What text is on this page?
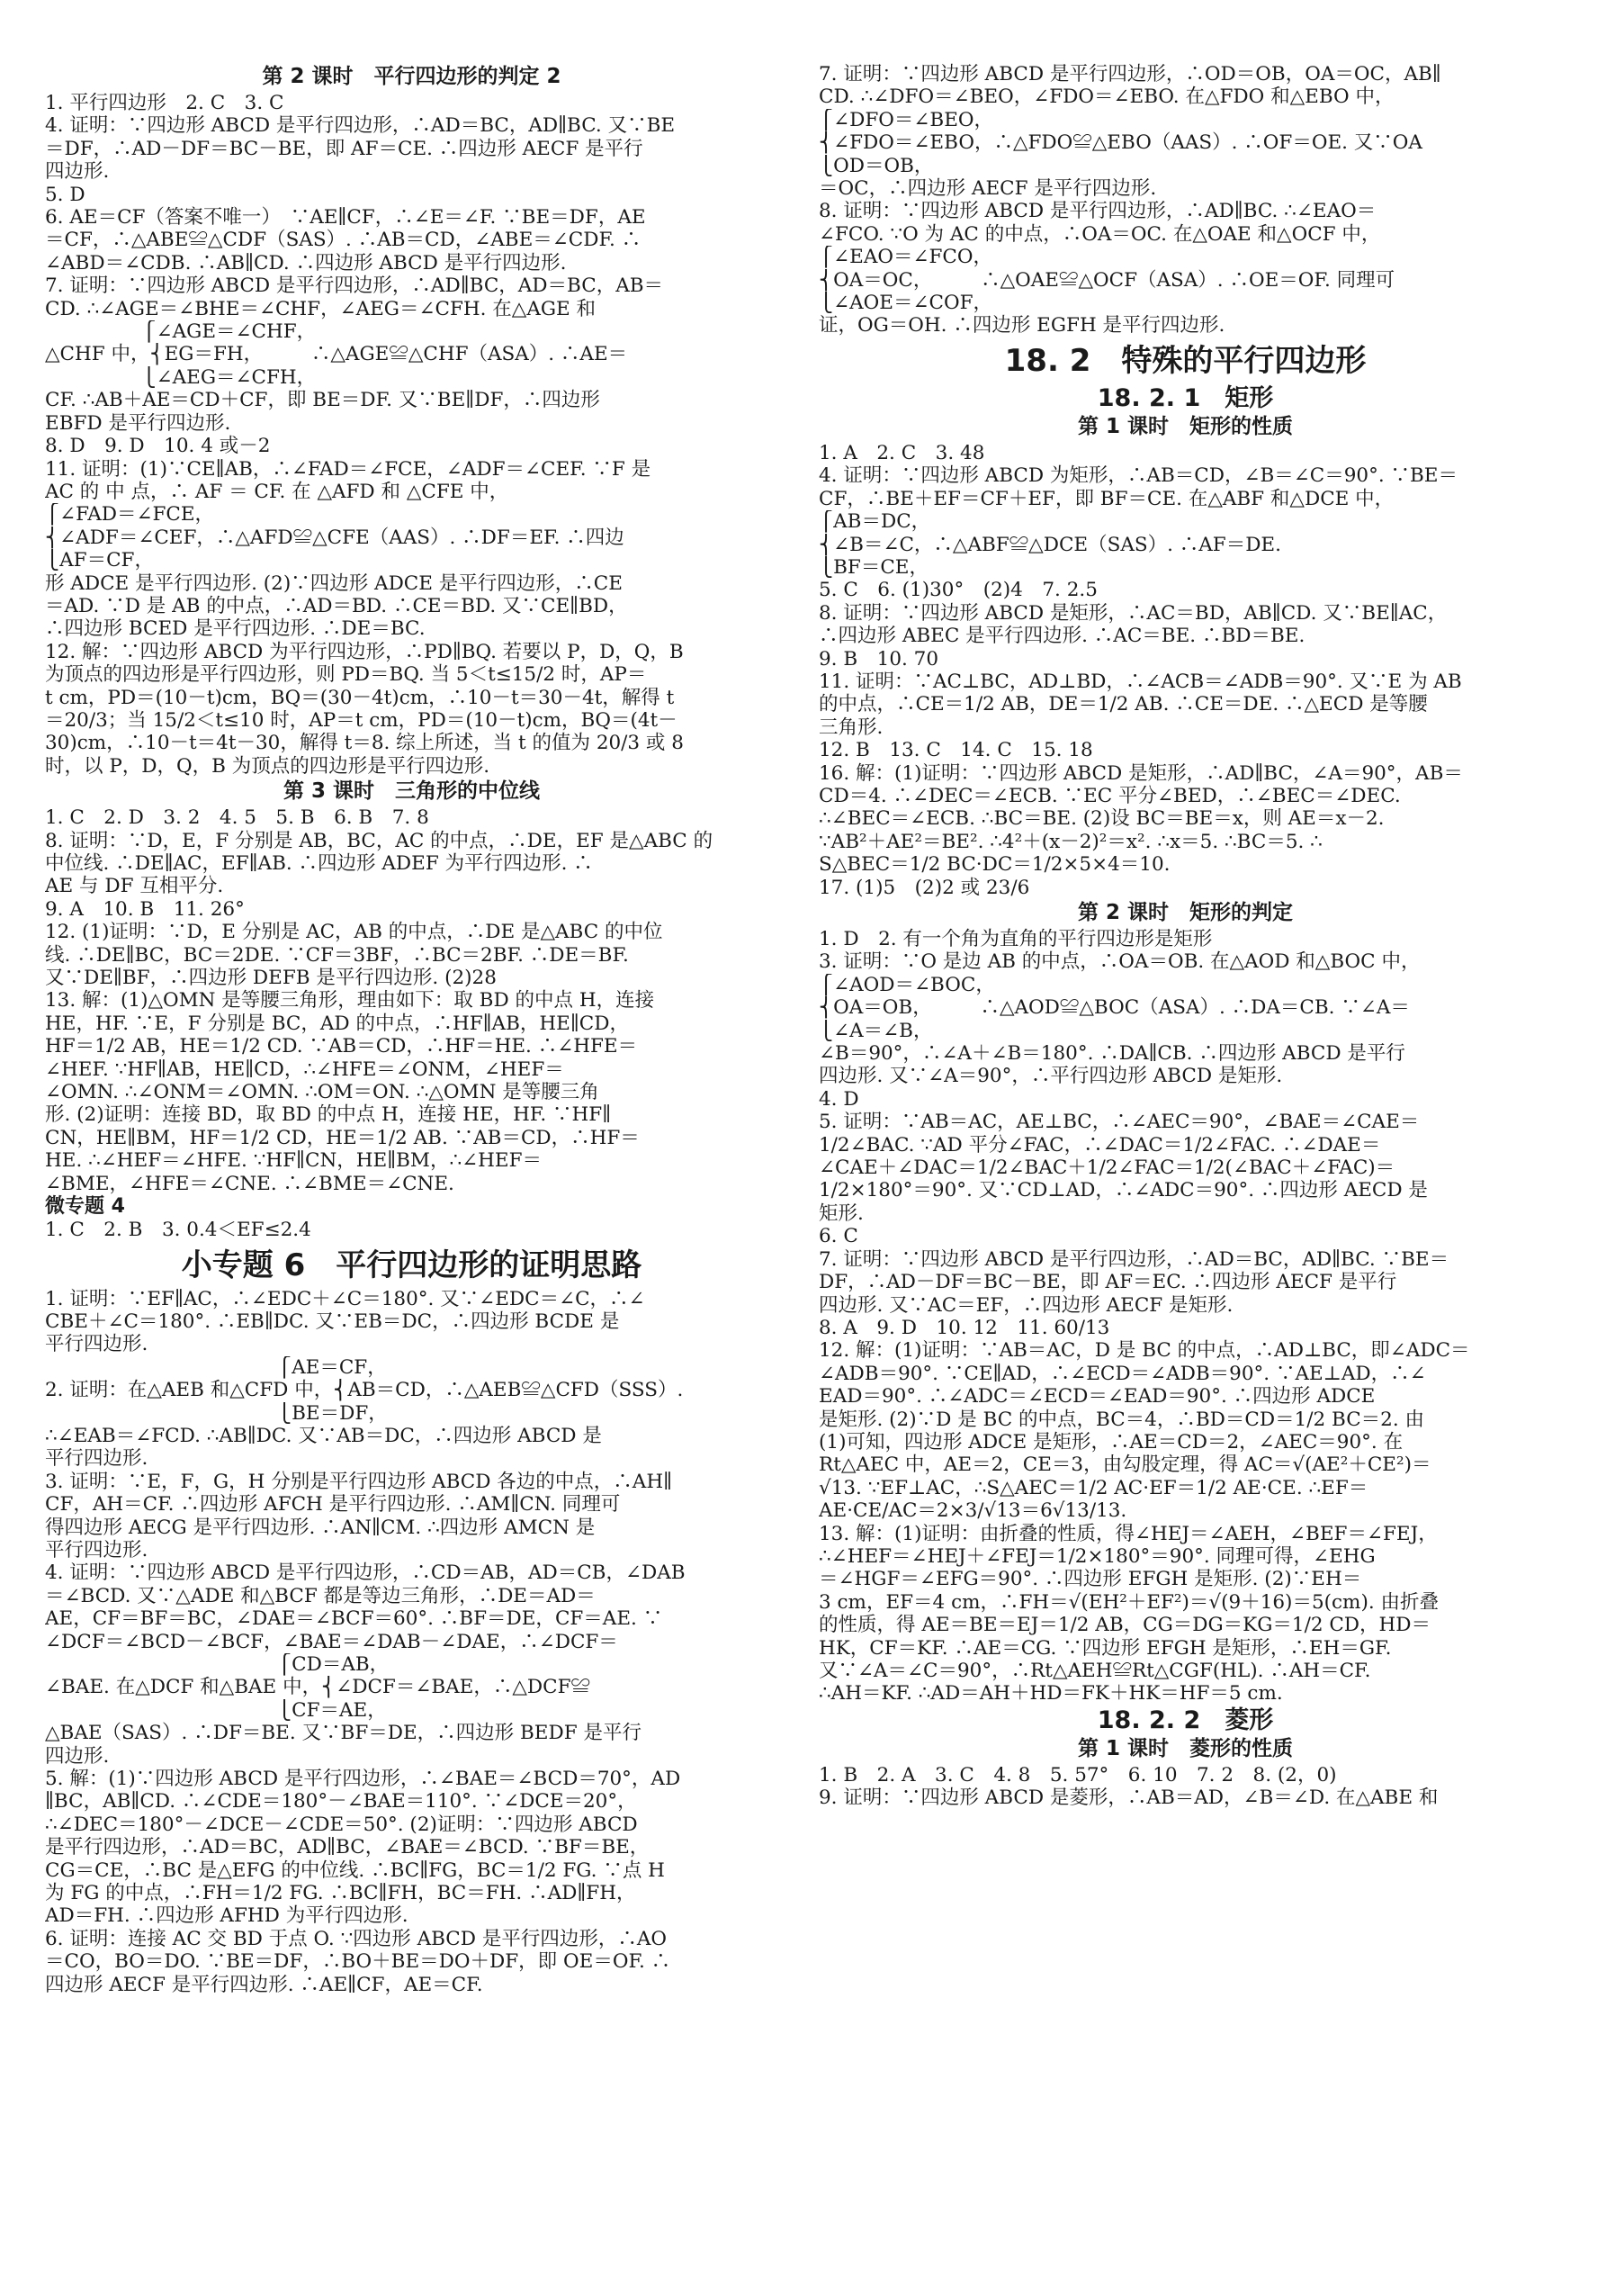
第 2 课时　平行四边形的判定 2
1. 平行四边形　2. C　3. C
4. 证明：∵四边形 ABCD 是平行四边形，∴AD＝BC，AD∥BC. 又∵BE
＝DF，∴AD－DF＝BC－BE，即 AF＝CE. ∴四边形 AECF 是平行
四边形.
5. D
6. AE＝CF（答案不唯一）　∵AE∥CF，∴∠E＝∠F. ∵BE＝DF，AE
＝CF，∴△ABE≌△CDF（SAS）. ∴AB＝CD，∠ABE＝∠CDF. ∴
∠ABD＝∠CDB. ∴AB∥CD. ∴四边形 ABCD 是平行四边形.
7. 证明：∵四边形 ABCD 是平行四边形，∴AD∥BC，AD＝BC，AB＝
CD. ∴∠AGE＝∠BHE＝∠CHF，∠AEG＝∠CFH. 在△AGE 和
　　　　　⎧∠AGE＝∠CHF，
△CHF 中，⎨EG＝FH，　　　∴△AGE≌△CHF（ASA）. ∴AE＝
　　　　　⎩∠AEG＝∠CFH，
CF. ∴AB＋AE＝CD＋CF，即 BE＝DF. 又∵BE∥DF，∴四边形
EBFD 是平行四边形.
8. D　9. D　10. 4 或－2
11. 证明：(1)∵CE∥AB，∴∠FAD＝∠FCE，∠ADF＝∠CEF. ∵F 是
AC 的 中 点，∴ AF ＝ CF. 在 △AFD 和 △CFE 中，
⎧∠FAD＝∠FCE，
⎨∠ADF＝∠CEF，∴△AFD≌△CFE（AAS）. ∴DF＝EF. ∴四边
⎩AF＝CF，
形 ADCE 是平行四边形. (2)∵四边形 ADCE 是平行四边形，∴CE
＝AD. ∵D 是 AB 的中点，∴AD＝BD. ∴CE＝BD. 又∵CE∥BD，
∴四边形 BCED 是平行四边形. ∴DE＝BC.
12. 解：∵四边形 ABCD 为平行四边形，∴PD∥BQ. 若要以 P，D，Q，B
为顶点的四边形是平行四边形，则 PD＝BQ. 当 5＜t≤15/2 时，AP＝
t cm，PD＝(10－t)cm，BQ＝(30－4t)cm，∴10－t＝30－4t，解得 t
＝20/3；当 15/2＜t≤10 时，AP＝t cm，PD＝(10－t)cm，BQ＝(4t－
30)cm，∴10－t＝4t－30，解得 t＝8. 综上所述，当 t 的值为 20/3 或 8
时，以 P，D，Q，B 为顶点的四边形是平行四边形.
第 3 课时　三角形的中位线
1. C　2. D　3. 2　4. 5　5. B　6. B　7. 8
8. 证明：∵D，E，F 分别是 AB，BC，AC 的中点，∴DE，EF 是△ABC 的
中位线. ∴DE∥AC，EF∥AB. ∴四边形 ADEF 为平行四边形. ∴
AE 与 DF 互相平分.
9. A　10. B　11. 26°
12. (1)证明：∵D，E 分别是 AC，AB 的中点，∴DE 是△ABC 的中位
线. ∴DE∥BC，BC＝2DE. ∵CF＝3BF，∴BC＝2BF. ∴DE＝BF.
又∵DE∥BF，∴四边形 DEFB 是平行四边形. (2)28
13. 解：(1)△OMN 是等腰三角形，理由如下：取 BD 的中点 H，连接
HE，HF. ∵E，F 分别是 BC，AD 的中点，∴HF∥AB，HE∥CD，
HF＝1/2 AB，HE＝1/2 CD. ∵AB＝CD，∴HF＝HE. ∴∠HFE＝
∠HEF. ∵HF∥AB，HE∥CD，∴∠HFE＝∠ONM，∠HEF＝
∠OMN. ∴∠ONM＝∠OMN. ∴OM＝ON. ∴△OMN 是等腰三角
形. (2)证明：连接 BD，取 BD 的中点 H，连接 HE，HF. ∵HF∥
CN，HE∥BM，HF＝1/2 CD，HE＝1/2 AB. ∵AB＝CD，∴HF＝
HE. ∴∠HEF＝∠HFE. ∵HF∥CN，HE∥BM，∴∠HEF＝
∠BME，∠HFE＝∠CNE. ∴∠BME＝∠CNE.
微专题 4
1. C　2. B　3. 0.4＜EF≤2.4
小专题 6　平行四边形的证明思路
1. 证明：∵EF∥AC，∴∠EDC＋∠C＝180°. 又∵∠EDC＝∠C，∴∠
CBE＋∠C＝180°. ∴EB∥DC. 又∵EB＝DC，∴四边形 BCDE 是
平行四边形.
　　　　　　　　　　　　⎧AE＝CF，
2. 证明：在△AEB 和△CFD 中，⎨AB＝CD，∴△AEB≌△CFD（SSS）.
　　　　　　　　　　　　⎩BE＝DF，
∴∠EAB＝∠FCD. ∴AB∥DC. 又∵AB＝DC，∴四边形 ABCD 是
平行四边形.
3. 证明：∵E，F，G，H 分别是平行四边形 ABCD 各边的中点，∴AH∥
CF，AH＝CF. ∴四边形 AFCH 是平行四边形. ∴AM∥CN. 同理可
得四边形 AECG 是平行四边形. ∴AN∥CM. ∴四边形 AMCN 是
平行四边形.
4. 证明：∵四边形 ABCD 是平行四边形，∴CD＝AB，AD＝CB，∠DAB
＝∠BCD. 又∵△ADE 和△BCF 都是等边三角形，∴DE＝AD＝
AE，CF＝BF＝BC，∠DAE＝∠BCF＝60°. ∴BF＝DE，CF＝AE. ∵
∠DCF＝∠BCD－∠BCF，∠BAE＝∠DAB－∠DAE，∴∠DCF＝
　　　　　　　　　　　　⎧CD＝AB，
∠BAE. 在△DCF 和△BAE 中，⎨∠DCF＝∠BAE，∴△DCF≌
　　　　　　　　　　　　⎩CF＝AE，
△BAE（SAS）. ∴DF＝BE. 又∵BF＝DE，∴四边形 BEDF 是平行
四边形.
5. 解：(1)∵四边形 ABCD 是平行四边形，∴∠BAE＝∠BCD＝70°，AD
∥BC，AB∥CD. ∴∠CDE＝180°－∠BAE＝110°. ∵∠DCE＝20°，
∴∠DEC＝180°－∠DCE－∠CDE＝50°. (2)证明：∵四边形 ABCD
是平行四边形，∴AD＝BC，AD∥BC，∠BAE＝∠BCD. ∵BF＝BE，
CG＝CE，∴BC 是△EFG 的中位线. ∴BC∥FG，BC＝1/2 FG. ∵点 H
为 FG 的中点，∴FH＝1/2 FG. ∴BC∥FH，BC＝FH. ∴AD∥FH，
AD＝FH. ∴四边形 AFHD 为平行四边形.
6. 证明：连接 AC 交 BD 于点 O. ∵四边形 ABCD 是平行四边形，∴AO
＝CO，BO＝DO. ∵BE＝DF，∴BO＋BE＝DO＋DF，即 OE＝OF. ∴
四边形 AECF 是平行四边形. ∴AE∥CF，AE＝CF.
7. 证明：∵四边形 ABCD 是平行四边形，∴OD＝OB，OA＝OC，AB∥
CD. ∴∠DFO＝∠BEO，∠FDO＝∠EBO. 在△FDO 和△EBO 中，
⎧∠DFO＝∠BEO，
⎨∠FDO＝∠EBO，∴△FDO≌△EBO（AAS）. ∴OF＝OE. 又∵OA
⎩OD＝OB，
＝OC，∴四边形 AECF 是平行四边形.
8. 证明：∵四边形 ABCD 是平行四边形，∴AD∥BC. ∴∠EAO＝
∠FCO. ∵O 为 AC 的中点，∴OA＝OC. 在△OAE 和△OCF 中，
⎧∠EAO＝∠FCO，
⎨OA＝OC，　　　∴△OAE≌△OCF（ASA）. ∴OE＝OF. 同理可
⎩∠AOE＝∠COF，
证，OG＝OH. ∴四边形 EGFH 是平行四边形.
18. 2　特殊的平行四边形
18. 2. 1　矩形
第 1 课时　矩形的性质
1. A　2. C　3. 48
4. 证明：∵四边形 ABCD 为矩形，∴AB＝CD，∠B＝∠C＝90°. ∵BE＝
CF，∴BE＋EF＝CF＋EF，即 BF＝CE. 在△ABF 和△DCE 中，
⎧AB＝DC，
⎨∠B＝∠C，∴△ABF≌△DCE（SAS）. ∴AF＝DE.
⎩BF＝CE，
5. C　6. (1)30°　(2)4　7. 2.5
8. 证明：∵四边形 ABCD 是矩形，∴AC＝BD，AB∥CD. 又∵BE∥AC，
∴四边形 ABEC 是平行四边形. ∴AC＝BE. ∴BD＝BE.
9. B　10. 70
11. 证明：∵AC⊥BC，AD⊥BD，∴∠ACB＝∠ADB＝90°. 又∵E 为 AB
的中点，∴CE＝1/2 AB，DE＝1/2 AB. ∴CE＝DE. ∴△ECD 是等腰
三角形.
12. B　13. C　14. C　15. 18
16. 解：(1)证明：∵四边形 ABCD 是矩形，∴AD∥BC，∠A＝90°，AB＝
CD＝4. ∴∠DEC＝∠ECB. ∵EC 平分∠BED，∴∠BEC＝∠DEC.
∴∠BEC＝∠ECB. ∴BC＝BE. (2)设 BC＝BE＝x，则 AE＝x－2.
∵AB²＋AE²＝BE². ∴4²＋(x－2)²＝x². ∴x＝5. ∴BC＝5. ∴
S△BEC＝1/2 BC·DC＝1/2×5×4＝10.
17. (1)5　(2)2 或 23/6
第 2 课时　矩形的判定
1. D　2. 有一个角为直角的平行四边形是矩形
3. 证明：∵O 是边 AB 的中点，∴OA＝OB. 在△AOD 和△BOC 中，
⎧∠AOD＝∠BOC，
⎨OA＝OB，　　　∴△AOD≌△BOC（ASA）. ∴DA＝CB. ∵∠A＝
⎩∠A＝∠B，
∠B＝90°，∴∠A＋∠B＝180°. ∴DA∥CB. ∴四边形 ABCD 是平行
四边形. 又∵∠A＝90°，∴平行四边形 ABCD 是矩形.
4. D
5. 证明：∵AB＝AC，AE⊥BC，∴∠AEC＝90°，∠BAE＝∠CAE＝
1/2∠BAC. ∵AD 平分∠FAC，∴∠DAC＝1/2∠FAC. ∴∠DAE＝
∠CAE＋∠DAC＝1/2∠BAC＋1/2∠FAC＝1/2(∠BAC＋∠FAC)＝
1/2×180°＝90°. 又∵CD⊥AD，∴∠ADC＝90°. ∴四边形 AECD 是
矩形.
6. C
7. 证明：∵四边形 ABCD 是平行四边形，∴AD＝BC，AD∥BC. ∵BE＝
DF，∴AD－DF＝BC－BE，即 AF＝EC. ∴四边形 AECF 是平行
四边形. 又∵AC＝EF，∴四边形 AECF 是矩形.
8. A　9. D　10. 12　11. 60/13
12. 解：(1)证明：∵AB＝AC，D 是 BC 的中点，∴AD⊥BC，即∠ADC＝
∠ADB＝90°. ∵CE∥AD，∴∠ECD＝∠ADB＝90°. ∵AE⊥AD，∴∠
EAD＝90°. ∴∠ADC＝∠ECD＝∠EAD＝90°. ∴四边形 ADCE
是矩形. (2)∵D 是 BC 的中点，BC＝4，∴BD＝CD＝1/2 BC＝2. 由
(1)可知，四边形 ADCE 是矩形，∴AE＝CD＝2，∠AEC＝90°. 在
Rt△AEC 中，AE＝2，CE＝3，由勾股定理，得 AC＝√(AE²＋CE²)＝
√13. ∵EF⊥AC，∴S△AEC＝1/2 AC·EF＝1/2 AE·CE. ∴EF＝
AE·CE/AC＝2×3/√13＝6√13/13.
13. 解：(1)证明：由折叠的性质，得∠HEJ＝∠AEH，∠BEF＝∠FEJ，
∴∠HEF＝∠HEJ＋∠FEJ＝1/2×180°＝90°. 同理可得，∠EHG
＝∠HGF＝∠EFG＝90°. ∴四边形 EFGH 是矩形. (2)∵EH＝
3 cm，EF＝4 cm，∴FH＝√(EH²＋EF²)＝√(9＋16)＝5(cm). 由折叠
的性质，得 AE＝BE＝EJ＝1/2 AB，CG＝DG＝KG＝1/2 CD，HD＝
HK，CF＝KF. ∴AE＝CG. ∵四边形 EFGH 是矩形，∴EH＝GF.
又∵∠A＝∠C＝90°，∴Rt△AEH≌Rt△CGF(HL). ∴AH＝CF.
∴AH＝KF. ∴AD＝AH＋HD＝FK＋HK＝HF＝5 cm.
18. 2. 2　菱形
第 1 课时　菱形的性质
1. B　2. A　3. C　4. 8　5. 57°　6. 10　7. 2　8. (2，0)
9. 证明：∵四边形 ABCD 是菱形，∴AB＝AD，∠B＝∠D. 在△ABE 和
